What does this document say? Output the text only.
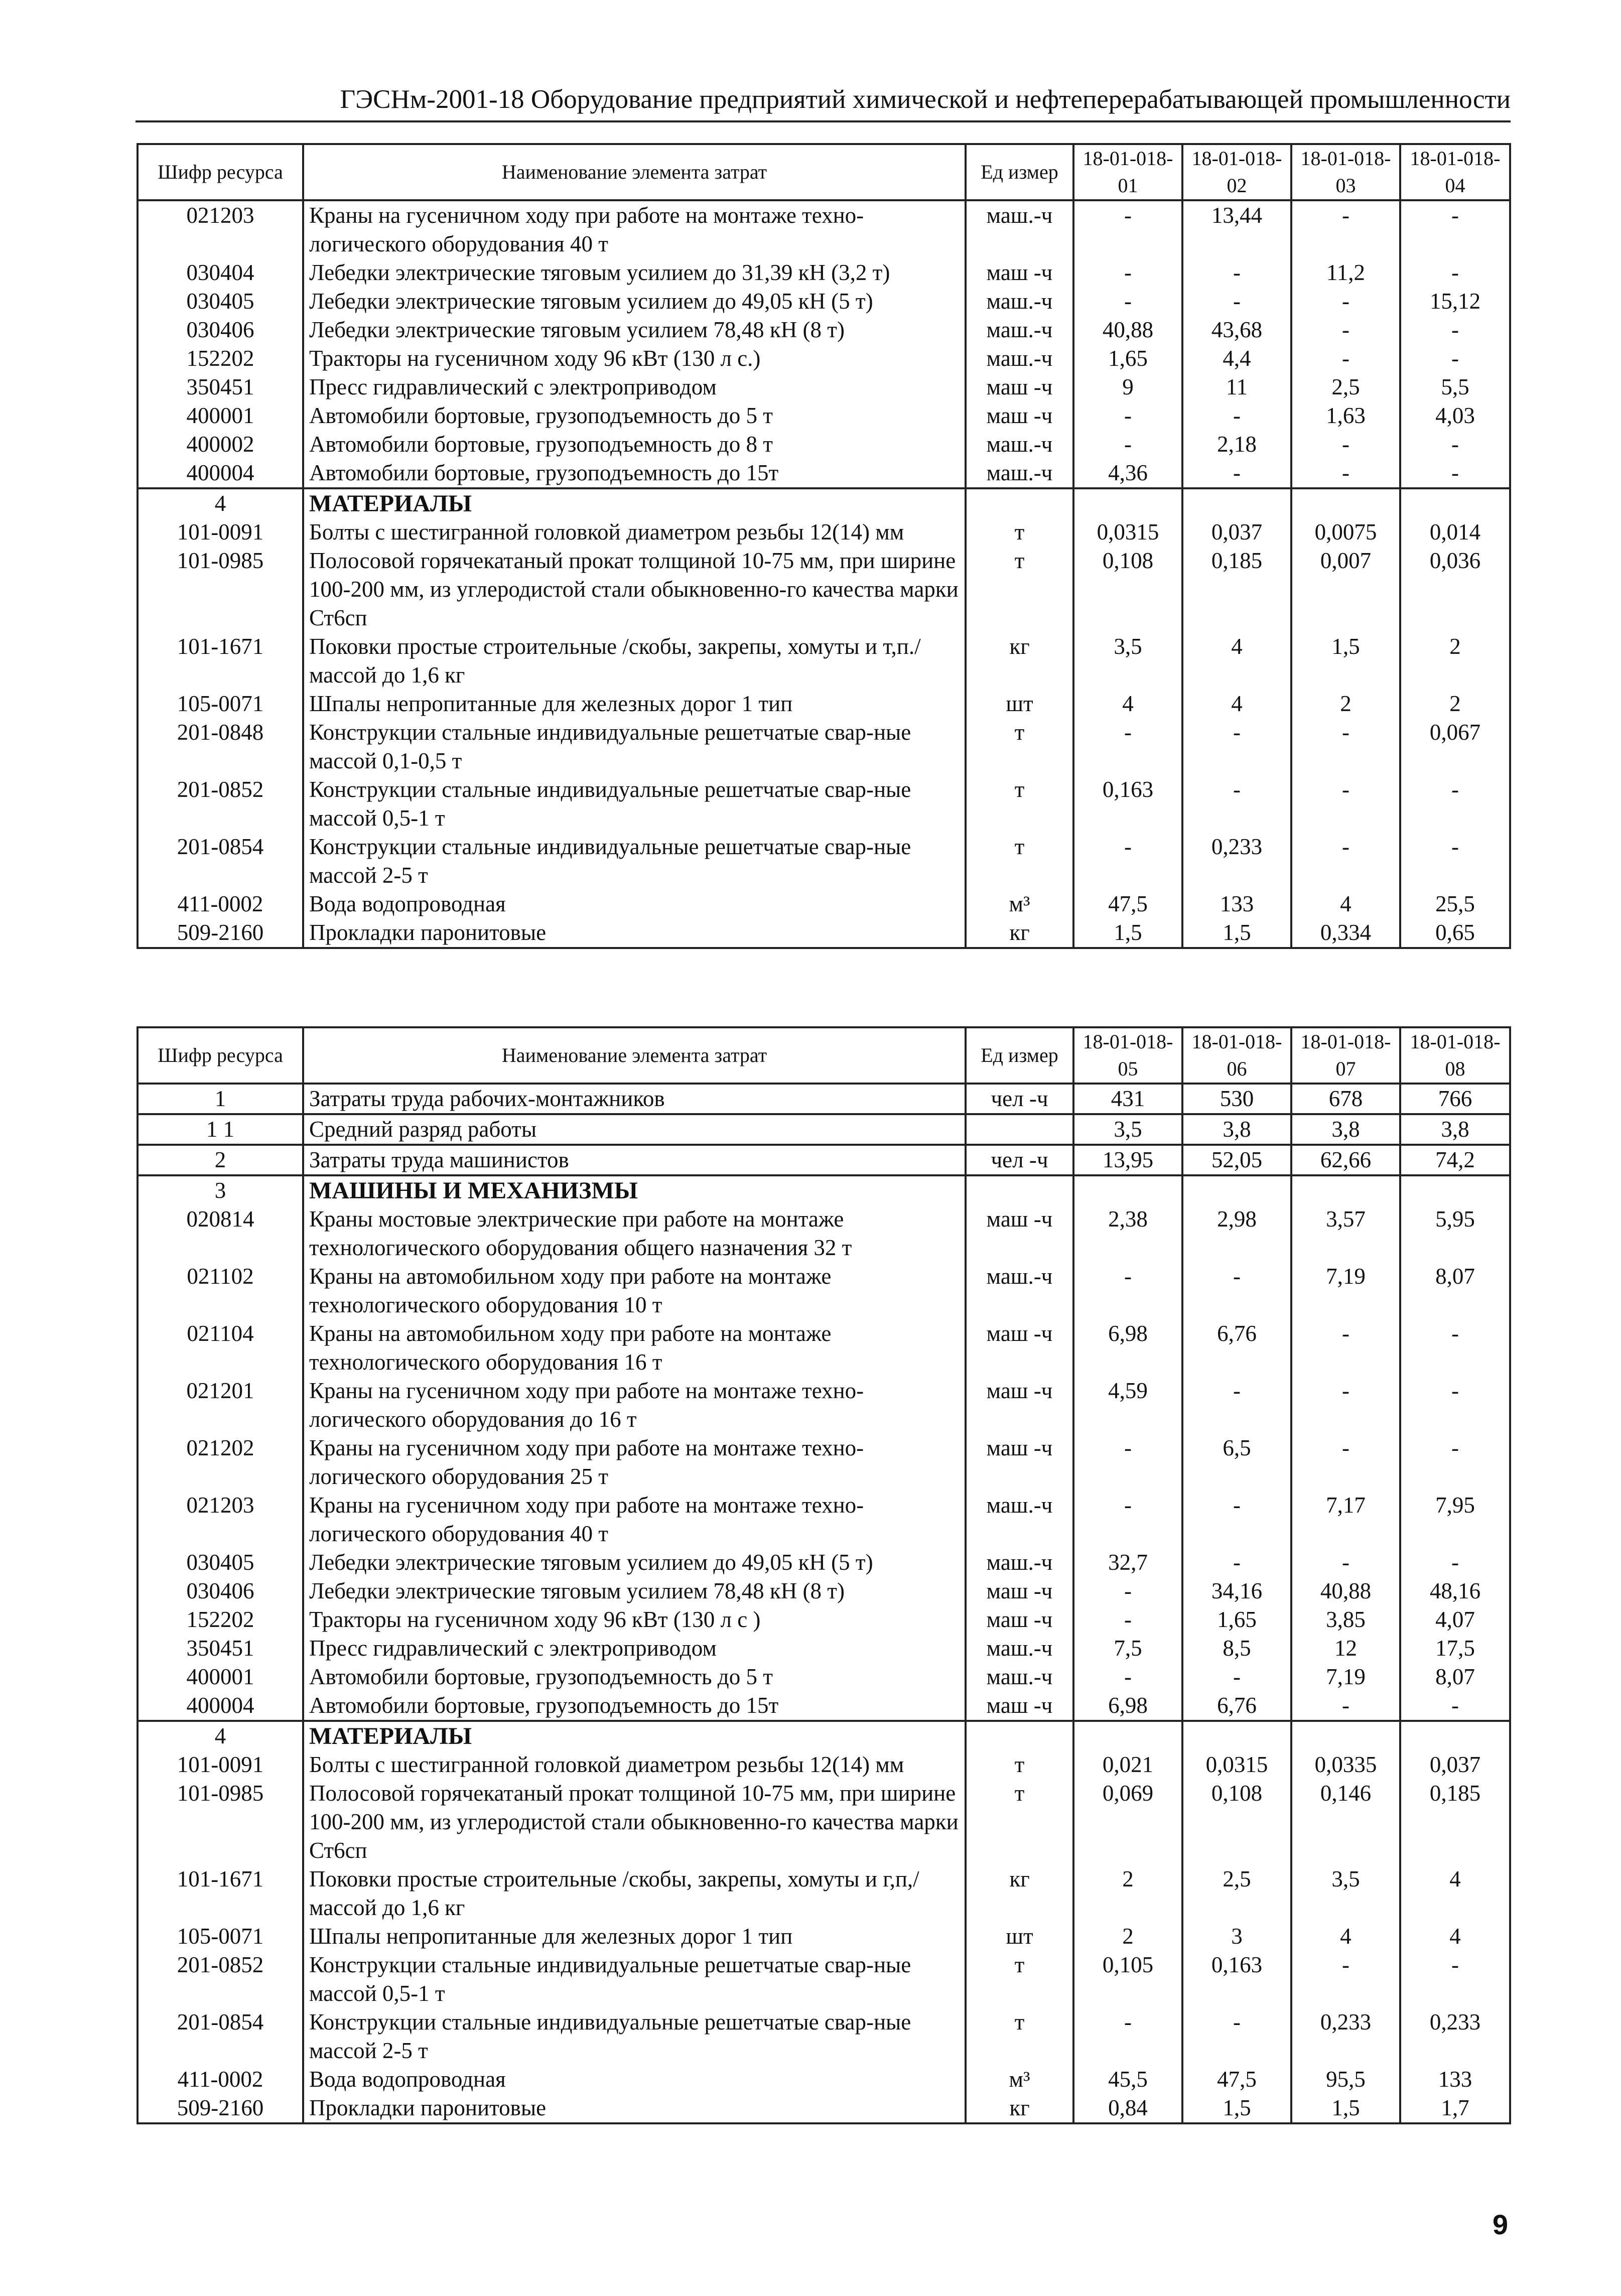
ГЭСНм-2001-18 Оборудование предприятий химической и нефтеперерабатывающей промышленности
Шифр ресурса	Наименование элемента затрат	Ед измер	18-01-018-01	18-01-018-02	18-01-018-03	18-01-018-04
021203	Краны на гусеничном ходу при работе на монтаже техно-логического оборудования 40 т	маш.-ч	-	13,44	-	-
030404	Лебедки электрические тяговым усилием до 31,39 кН (3,2 т)	маш -ч	-	-	11,2	-
030405	Лебедки электрические тяговым усилием до 49,05 кН (5 т)	маш.-ч	-	-	-	15,12
030406	Лебедки электрические тяговым усилием 78,48 кН (8 т)	маш.-ч	40,88	43,68	-	-
152202	Тракторы на гусеничном ходу 96 кВт (130 л с.)	маш.-ч	1,65	4,4	-	-
350451	Пресс гидравлический с электроприводом	маш -ч	9	11	2,5	5,5
400001	Автомобили бортовые, грузоподъемность до 5 т	маш -ч	-	-	1,63	4,03
400002	Автомобили бортовые, грузоподъемность до 8 т	маш.-ч	-	2,18	-	-
400004	Автомобили бортовые, грузоподъемность до 15т	маш.-ч	4,36	-	-	-
4	МАТЕРИАЛЫ					
101-0091	Болты с шестигранной головкой диаметром резьбы 12(14) мм	т	0,0315	0,037	0,0075	0,014
101-0985	Полосовой горячекатаный прокат толщиной 10-75 мм, при ширине 100-200 мм, из углеродистой стали обыкновенно-го качества марки Ст6сп	т	0,108	0,185	0,007	0,036
101-1671	Поковки простые строительные /скобы, закрепы, хомуты и т,п./ массой до 1,6 кг	кг	3,5	4	1,5	2
105-0071	Шпалы непропитанные для железных дорог 1 тип	шт	4	4	2	2
201-0848	Конструкции стальные индивидуальные решетчатые свар-ные массой 0,1-0,5 т	т	-	-	-	0,067
201-0852	Конструкции стальные индивидуальные решетчатые свар-ные массой 0,5-1 т	т	0,163	-	-	-
201-0854	Конструкции стальные индивидуальные решетчатые свар-ные массой 2-5 т	т	-	0,233	-	-
411-0002	Вода водопроводная	м³	47,5	133	4	25,5
509-2160	Прокладки паронитовые	кг	1,5	1,5	0,334	0,65
Шифр ресурса	Наименование элемента затрат	Ед измер	18-01-018-05	18-01-018-06	18-01-018-07	18-01-018-08
1	Затраты труда рабочих-монтажников	чел -ч	431	530	678	766
1 1	Средний разряд работы		3,5	3,8	3,8	3,8
2	Затраты труда машинистов	чел -ч	13,95	52,05	62,66	74,2
3	МАШИНЫ И МЕХАНИЗМЫ					
020814	Краны мостовые электрические при работе на монтаже технологического оборудования общего назначения 32 т	маш -ч	2,38	2,98	3,57	5,95
021102	Краны на автомобильном ходу при работе на монтаже технологического оборудования 10 т	маш.-ч	-	-	7,19	8,07
021104	Краны на автомобильном ходу при работе на монтаже технологического оборудования 16 т	маш -ч	6,98	6,76	-	-
021201	Краны на гусеничном ходу при работе на монтаже техно-логического оборудования до 16 т	маш -ч	4,59	-	-	-
021202	Краны на гусеничном ходу при работе на монтаже техно-логического оборудования 25 т	маш -ч	-	6,5	-	-
021203	Краны на гусеничном ходу при работе на монтаже техно-логического оборудования 40 т	маш.-ч	-	-	7,17	7,95
030405	Лебедки электрические тяговым усилием до 49,05 кН (5 т)	маш.-ч	32,7	-	-	-
030406	Лебедки электрические тяговым усилием 78,48 кН (8 т)	маш -ч	-	34,16	40,88	48,16
152202	Тракторы на гусеничном ходу 96 кВт (130 л с )	маш -ч	-	1,65	3,85	4,07
350451	Пресс гидравлический с электроприводом	маш.-ч	7,5	8,5	12	17,5
400001	Автомобили бортовые, грузоподъемность до 5 т	маш.-ч	-	-	7,19	8,07
400004	Автомобили бортовые, грузоподъемность до 15т	маш -ч	6,98	6,76	-	-
4	МАТЕРИАЛЫ					
101-0091	Болты с шестигранной головкой диаметром резьбы 12(14) мм	т	0,021	0,0315	0,0335	0,037
101-0985	Полосовой горячекатаный прокат толщиной 10-75 мм, при ширине 100-200 мм, из углеродистой стали обыкновенно-го качества марки Ст6сп	т	0,069	0,108	0,146	0,185
101-1671	Поковки простые строительные /скобы, закрепы, хомуты и г,п,/ массой до 1,6 кг	кг	2	2,5	3,5	4
105-0071	Шпалы непропитанные для железных дорог 1 тип	шт	2	3	4	4
201-0852	Конструкции стальные индивидуальные решетчатые свар-ные массой 0,5-1 т	т	0,105	0,163	-	-
201-0854	Конструкции стальные индивидуальные решетчатые свар-ные массой 2-5 т	т	-	-	0,233	0,233
411-0002	Вода водопроводная	м³	45,5	47,5	95,5	133
509-2160	Прокладки паронитовые	кг	0,84	1,5	1,5	1,7
9
